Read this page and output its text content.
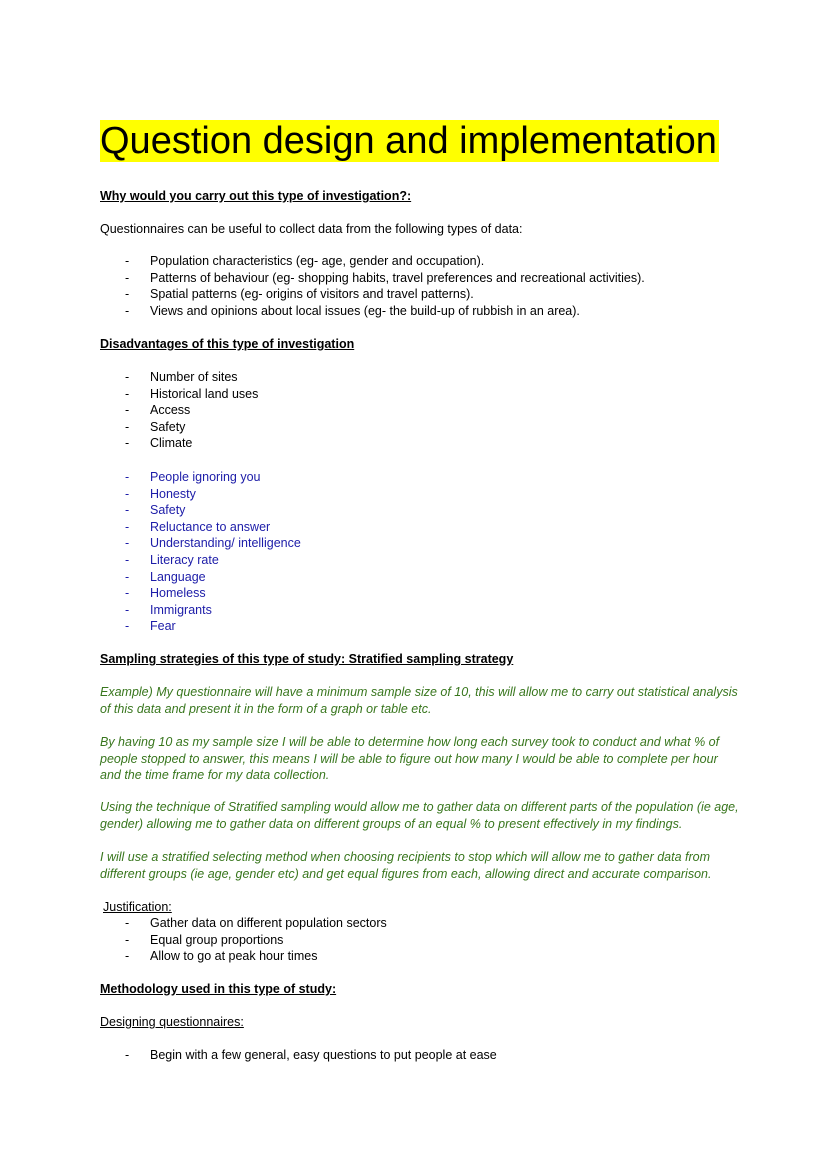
Question design and implementation
Why would you carry out this type of investigation?:
Questionnaires can be useful to collect data from the following types of data:
- Population characteristics (eg- age, gender and occupation).
- Patterns of behaviour (eg- shopping habits, travel preferences and recreational activities).
- Spatial patterns (eg- origins of visitors and travel patterns).
- Views and opinions about local issues (eg- the build-up of rubbish in an area).
Disadvantages of this type of investigation
- Number of sites
- Historical land uses
- Access
- Safety
- Climate
- People ignoring you
- Honesty
- Safety
- Reluctance to answer
- Understanding/ intelligence
- Literacy rate
- Language
- Homeless
- Immigrants
- Fear
Sampling strategies of this type of study: Stratified sampling strategy
Example) My questionnaire will have a minimum sample size of 10, this will allow me to carry out statistical analysis of this data and present it in the form of a graph or table etc.
By having 10 as my sample size I will be able to determine how long each survey took to conduct and what % of people stopped to answer, this means I will be able to figure out how many I would be able to complete per hour and the time frame for my data collection.
Using the technique of Stratified sampling would allow me to gather data on different parts of the population (ie age, gender) allowing me to gather data on different groups of an equal % to present effectively in my findings.
I will use a stratified selecting method when choosing recipients to stop which will allow me to gather data from different groups (ie age, gender etc) and get equal figures from each, allowing direct and accurate comparison.
Justification:
- Gather data on different population sectors
- Equal group proportions
- Allow to go at peak hour times
Methodology used in this type of study:
Designing questionnaires:
- Begin with a few general, easy questions to put people at ease
